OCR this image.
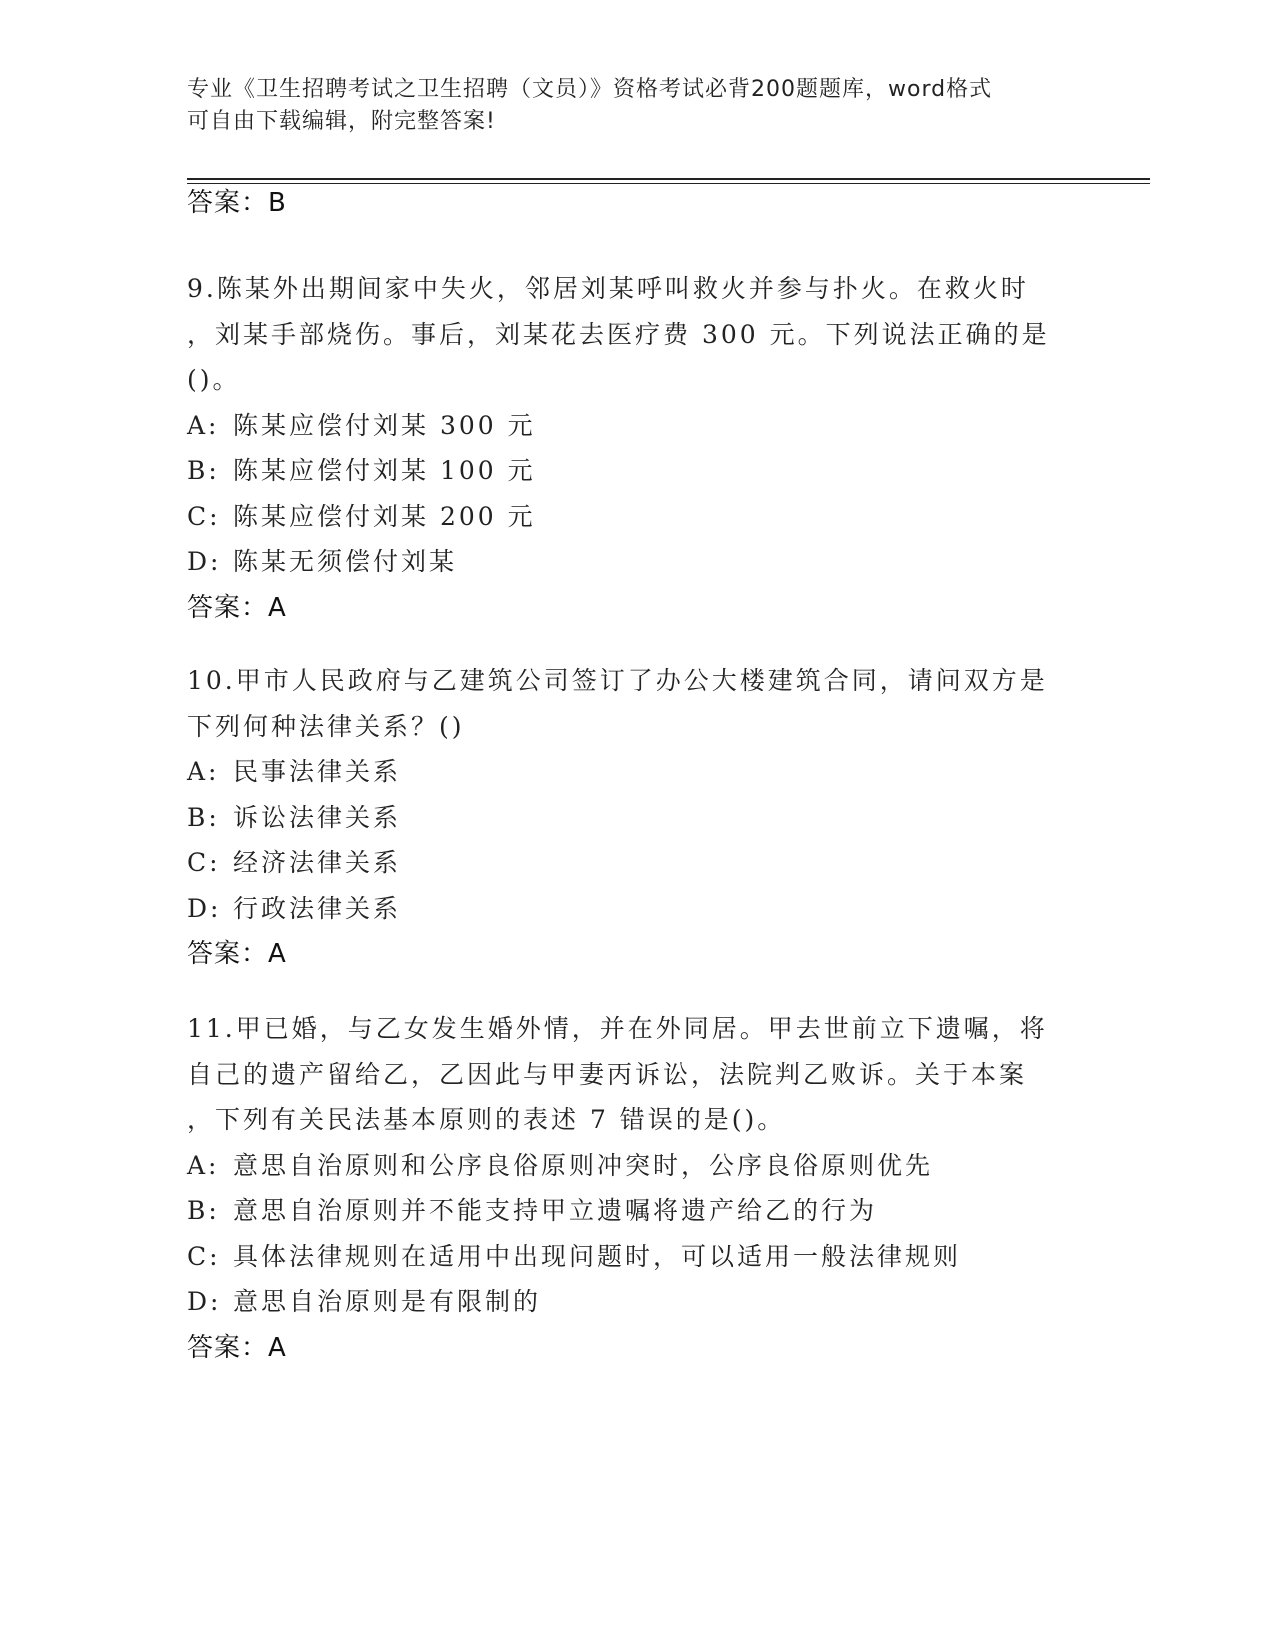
专业《卫生招聘考试之卫生招聘（文员）》资格考试必背200题题库，word格式
可自由下载编辑，附完整答案!
答案：B
9.陈某外出期间家中失火，邻居刘某呼叫救火并参与扑火。在救火时
，刘某手部烧伤。事后，刘某花去医疗费 300 元。下列说法正确的是
()。
A: 陈某应偿付刘某 300 元
B: 陈某应偿付刘某 100 元
C: 陈某应偿付刘某 200 元
D: 陈某无须偿付刘某
答案：A
10.甲市人民政府与乙建筑公司签订了办公大楼建筑合同，请问双方是
下列何种法律关系？()
A: 民事法律关系
B: 诉讼法律关系
C: 经济法律关系
D: 行政法律关系
答案：A
11.甲已婚，与乙女发生婚外情，并在外同居。甲去世前立下遗嘱，将
自己的遗产留给乙，乙因此与甲妻丙诉讼，法院判乙败诉。关于本案
，下列有关民法基本原则的表述 7 错误的是()。
A: 意思自治原则和公序良俗原则冲突时，公序良俗原则优先
B: 意思自治原则并不能支持甲立遗嘱将遗产给乙的行为
C: 具体法律规则在适用中出现问题时，可以适用一般法律规则
D: 意思自治原则是有限制的
答案：A
